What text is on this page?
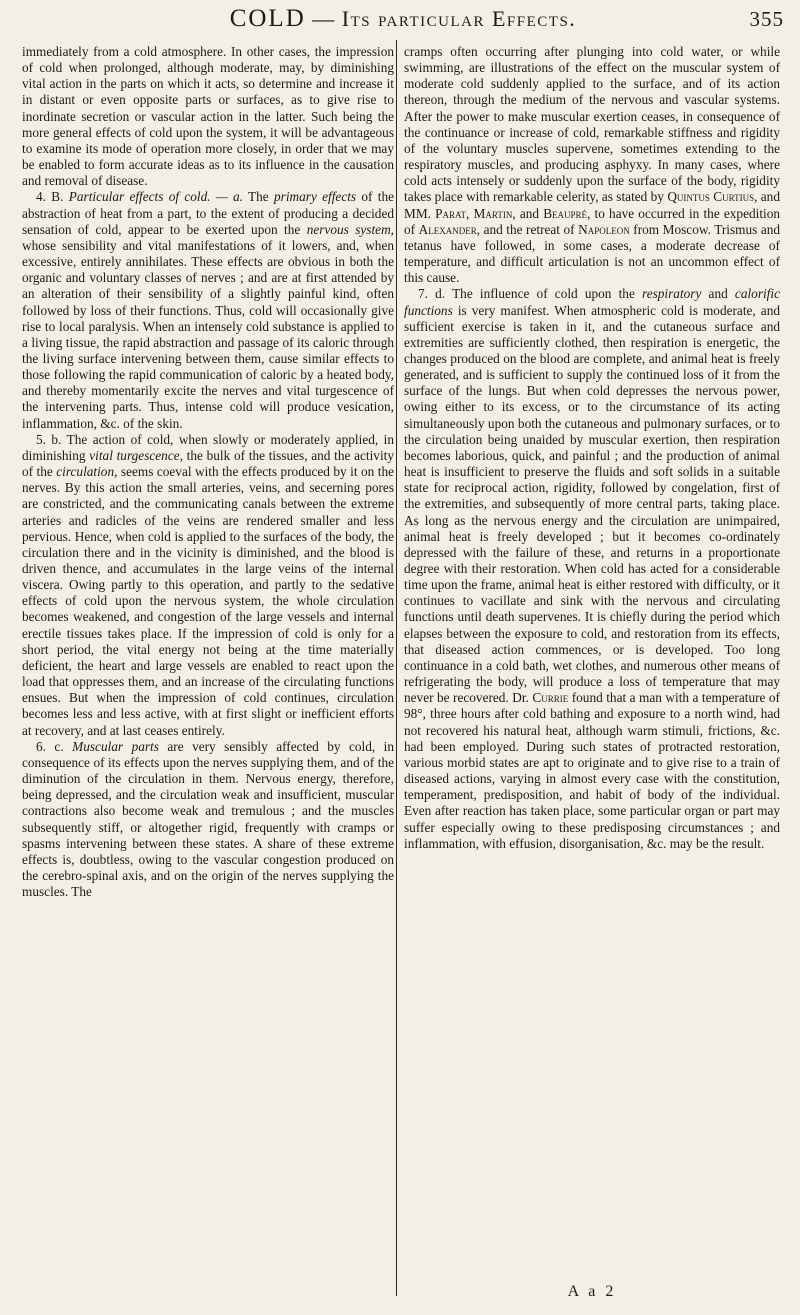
COLD — Its particular Effects.	355

immediately from a cold atmosphere. In other cases, the impression of cold when prolonged, although moderate, may, by diminishing vital action in the parts on which it acts, so determine and increase it in distant or even opposite parts or surfaces, as to give rise to inordinate secretion or vascular action in the latter. Such being the more general effects of cold upon the system, it will be advantageous to examine its mode of operation more closely, in order that we may be enabled to form accurate ideas as to its influence in the causation and removal of disease.

4. B. Particular effects of cold. — a. The primary effects of the abstraction of heat from a part, to the extent of producing a decided sensation of cold, appear to be exerted upon the nervous system, whose sensibility and vital manifestations of it lowers, and, when excessive, entirely annihilates. These effects are obvious in both the organic and voluntary classes of nerves ; and are at first attended by an alteration of their sensibility of a slightly painful kind, often followed by loss of their functions. Thus, cold will occasionally give rise to local paralysis. When an intensely cold substance is applied to a living tissue, the rapid abstraction and passage of its caloric through the living surface intervening between them, cause similar effects to those following the rapid communication of caloric by a heated body, and thereby momentarily excite the nerves and vital turgescence of the intervening parts. Thus, intense cold will produce vesication, inflammation, &c. of the skin.

5. b. The action of cold, when slowly or moderately applied, in diminishing vital turgescence, the bulk of the tissues, and the activity of the circulation, seems coeval with the effects produced by it on the nerves. By this action the small arteries, veins, and secerning pores are constricted, and the communicating canals between the extreme arteries and radicles of the veins are rendered smaller and less pervious. Hence, when cold is applied to the surfaces of the body, the circulation there and in the vicinity is diminished, and the blood is driven thence, and accumulates in the large veins of the internal viscera. Owing partly to this operation, and partly to the sedative effects of cold upon the nervous system, the whole circulation becomes weakened, and congestion of the large vessels and internal erectile tissues takes place. If the impression of cold is only for a short period, the vital energy not being at the time materially deficient, the heart and large vessels are enabled to react upon the load that oppresses them, and an increase of the circulating functions ensues. But when the impression of cold continues, circulation becomes less and less active, with at first slight or inefficient efforts at recovery, and at last ceases entirely.

6. c. Muscular parts are very sensibly affected by cold, in consequence of its effects upon the nerves supplying them, and of the diminution of the circulation in them. Nervous energy, therefore, being depressed, and the circulation weak and insufficient, muscular contractions also become weak and tremulous ; and the muscles subsequently stiff, or altogether rigid, frequently with cramps or spasms intervening between these states. A share of these extreme effects is, doubtless, owing to the vascular congestion produced on the cerebro-spinal axis, and on the origin of the nerves supplying the muscles. The

cramps often occurring after plunging into cold water, or while swimming, are illustrations of the effect on the muscular system of moderate cold suddenly applied to the surface, and of its action thereon, through the medium of the nervous and vascular systems. After the power to make muscular exertion ceases, in consequence of the continuance or increase of cold, remarkable stiffness and rigidity of the voluntary muscles supervene, sometimes extending to the respiratory muscles, and producing asphyxy. In many cases, where cold acts intensely or suddenly upon the surface of the body, rigidity takes place with remarkable celerity, as stated by Quintus Curtius, and MM. Parat, Martin, and Beaupré, to have occurred in the expedition of Alexander, and the retreat of Napoleon from Moscow. Trismus and tetanus have followed, in some cases, a moderate decrease of temperature, and difficult articulation is not an uncommon effect of this cause.

7. d. The influence of cold upon the respiratory and calorific functions is very manifest. When atmospheric cold is moderate, and sufficient exercise is taken in it, and the cutaneous surface and extremities are sufficiently clothed, then respiration is energetic, the changes produced on the blood are complete, and animal heat is freely generated, and is sufficient to supply the continued loss of it from the surface of the lungs. But when cold depresses the nervous power, owing either to its excess, or to the circumstance of its acting simultaneously upon both the cutaneous and pulmonary surfaces, or to the circulation being unaided by muscular exertion, then respiration becomes laborious, quick, and painful ; and the production of animal heat is insufficient to preserve the fluids and soft solids in a suitable state for reciprocal action, rigidity, followed by congelation, first of the extremities, and subsequently of more central parts, taking place. As long as the nervous energy and the circulation are unimpaired, animal heat is freely developed ; but it becomes co-ordinately depressed with the failure of these, and returns in a proportionate degree with their restoration. When cold has acted for a considerable time upon the frame, animal heat is either restored with difficulty, or it continues to vacillate and sink with the nervous and circulating functions until death supervenes. It is chiefly during the period which elapses between the exposure to cold, and restoration from its effects, that diseased action commences, or is developed. Too long continuance in a cold bath, wet clothes, and numerous other means of refrigerating the body, will produce a loss of temperature that may never be recovered. Dr. Currie found that a man with a temperature of 98°, three hours after cold bathing and exposure to a north wind, had not recovered his natural heat, although warm stimuli, frictions, &c. had been employed. During such states of protracted restoration, various morbid states are apt to originate and to give rise to a train of diseased actions, varying in almost every case with the constitution, temperament, predisposition, and habit of body of the individual. Even after reaction has taken place, some particular organ or part may suffer especially owing to these predisposing circumstances ; and inflammation, with effusion, disorganisation, &c. may be the result.

A a 2
